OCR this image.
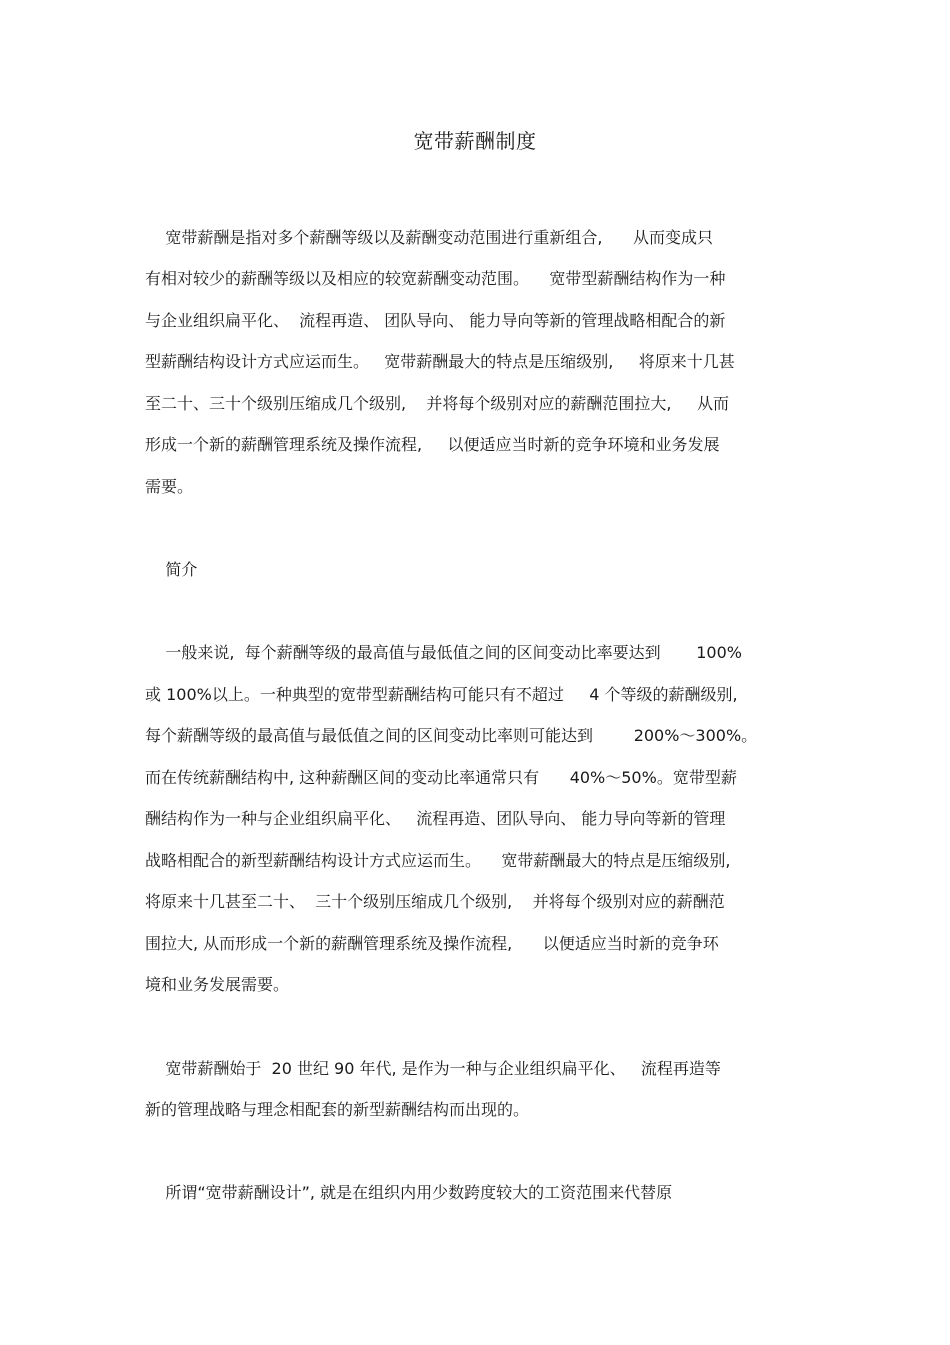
宽带薪酬制度
宽带薪酬是指对多个薪酬等级以及薪酬变动范围进行重新组合,      从而变成只
有相对较少的薪酬等级以及相应的较宽薪酬变动范围。    宽带型薪酬结构作为一种
与企业组织扁平化、  流程再造、 团队导向、 能力导向等新的管理战略相配合的新
型薪酬结构设计方式应运而生。   宽带薪酬最大的特点是压缩级别,     将原来十几甚
至二十、三十个级别压缩成几个级别,    并将每个级别对应的薪酬范围拉大,     从而
形成一个新的薪酬管理系统及操作流程,     以便适应当时新的竞争环境和业务发展
需要。
简介
一般来说,  每个薪酬等级的最高值与最低值之间的区间变动比率要达到       100%
或 100%以上。一种典型的宽带型薪酬结构可能只有不超过     4 个等级的薪酬级别,
每个薪酬等级的最高值与最低值之间的区间变动比率则可能达到        200%～300%。
而在传统薪酬结构中, 这种薪酬区间的变动比率通常只有      40%～50%。宽带型薪
酬结构作为一种与企业组织扁平化、   流程再造、团队导向、 能力导向等新的管理
战略相配合的新型薪酬结构设计方式应运而生。    宽带薪酬最大的特点是压缩级别,
将原来十几甚至二十、  三十个级别压缩成几个级别,    并将每个级别对应的薪酬范
围拉大, 从而形成一个新的薪酬管理系统及操作流程,      以便适应当时新的竞争环
境和业务发展需要。
宽带薪酬始于  20 世纪 90 年代, 是作为一种与企业组织扁平化、   流程再造等
新的管理战略与理念相配套的新型薪酬结构而出现的。
所谓“宽带薪酬设计”, 就是在组织内用少数跨度较大的工资范围来代替原
